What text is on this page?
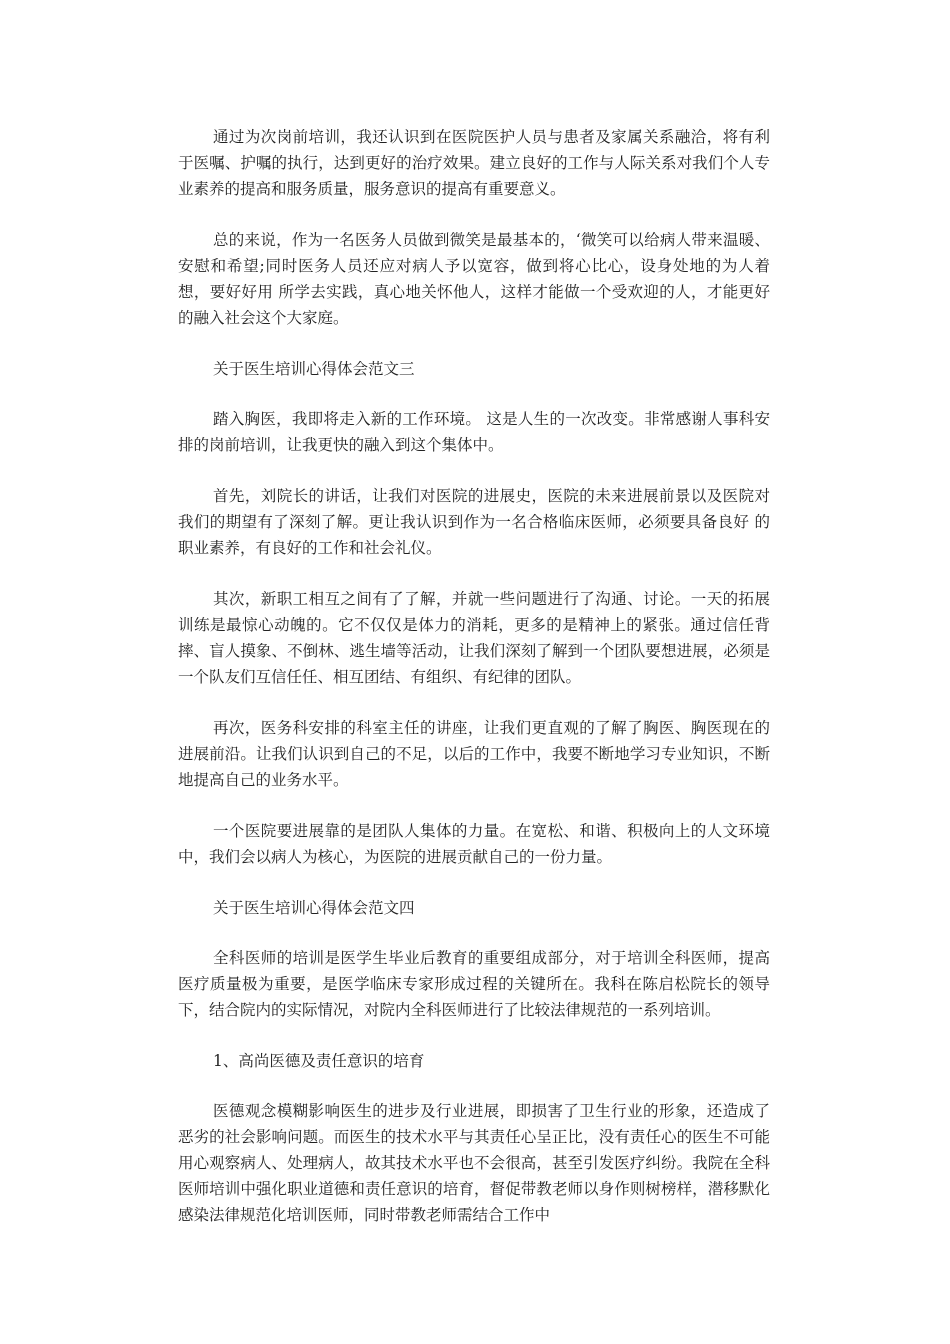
通过为次岗前培训，我还认识到在医院医护人员与患者及家属关系融洽，将有利于医嘱、护嘱的执行，达到更好的治疗效果。建立良好的工作与人际关系对我们个人专业素养的提高和服务质量，服务意识的提高有重要意义。

总的来说，作为一名医务人员做到微笑是最基本的，‘微笑可以给病人带来温暖、安慰和希望;同时医务人员还应对病人予以宽容，做到将心比心，设身处地的为人着想，要好好用 所学去实践，真心地关怀他人，这样才能做一个受欢迎的人，才能更好的融入社会这个大家庭。

关于医生培训心得体会范文三

踏入胸医，我即将走入新的工作环境。 这是人生的一次改变。非常感谢人事科安排的岗前培训，让我更快的融入到这个集体中。

首先，刘院长的讲话，让我们对医院的进展史，医院的未来进展前景以及医院对我们的期望有了深刻了解。更让我认识到作为一名合格临床医师，必须要具备良好 的职业素养，有良好的工作和社会礼仪。

其次，新职工相互之间有了了解，并就一些问题进行了沟通、讨论。一天的拓展训练是最惊心动魄的。它不仅仅是体力的消耗，更多的是精神上的紧张。通过信任背摔、盲人摸象、不倒林、逃生墙等活动，让我们深刻了解到一个团队要想进展，必须是一个队友们互信任任、相互团结、有组织、有纪律的团队。

再次，医务科安排的科室主任的讲座，让我们更直观的了解了胸医、胸医现在的进展前沿。让我们认识到自己的不足，以后的工作中，我要不断地学习专业知识，不断地提高自己的业务水平。

一个医院要进展靠的是团队人集体的力量。在宽松、和谐、积极向上的人文环境中，我们会以病人为核心，为医院的进展贡献自己的一份力量。

关于医生培训心得体会范文四

全科医师的培训是医学生毕业后教育的重要组成部分，对于培训全科医师，提高医疗质量极为重要，是医学临床专家形成过程的关键所在。我科在陈启松院长的领导下，结合院内的实际情况，对院内全科医师进行了比较法律规范的一系列培训。

1、高尚医德及责任意识的培育

医德观念模糊影响医生的进步及行业进展，即损害了卫生行业的形象，还造成了恶劣的社会影响问题。而医生的技术水平与其责任心呈正比，没有责任心的医生不可能用心观察病人、处理病人，故其技术水平也不会很高，甚至引发医疗纠纷。我院在全科医师培训中强化职业道德和责任意识的培育，督促带教老师以身作则树榜样，潜移默化感染法律规范化培训医师，同时带教老师需结合工作中
